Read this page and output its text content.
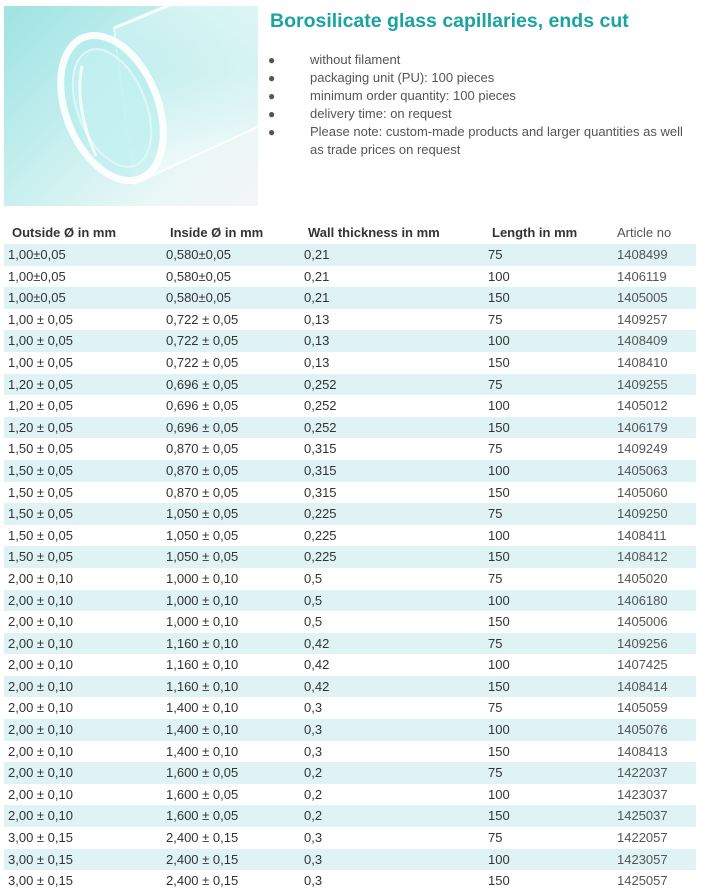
Borosilicate glass capillaries, ends cut
●	without filament
●	packaging unit (PU): 100 pieces
●	minimum order quantity: 100 pieces
●	delivery time: on request
●	Please note: custom-made products and larger quantities as well as trade prices on request
Outside Ø in mm	Inside Ø in mm	Wall thickness in mm	Length in mm	Article no
1,00±0,05	0,580±0,05	0,21	75	1408499
1,00±0,05	0,580±0,05	0,21	100	1406119
1,00±0,05	0,580±0,05	0,21	150	1405005
1,00 ± 0,05	0,722 ± 0,05	0,13	75	1409257
1,00 ± 0,05	0,722 ± 0,05	0,13	100	1408409
1,00 ± 0,05	0,722 ± 0,05	0,13	150	1408410
1,20 ± 0,05	0,696 ± 0,05	0,252	75	1409255
1,20 ± 0,05	0,696 ± 0,05	0,252	100	1405012
1,20 ± 0,05	0,696 ± 0,05	0,252	150	1406179
1,50 ± 0,05	0,870 ± 0,05	0,315	75	1409249
1,50 ± 0,05	0,870 ± 0,05	0,315	100	1405063
1,50 ± 0,05	0,870 ± 0,05	0,315	150	1405060
1,50 ± 0,05	1,050 ± 0,05	0,225	75	1409250
1,50 ± 0,05	1,050 ± 0,05	0,225	100	1408411
1,50 ± 0,05	1,050 ± 0,05	0,225	150	1408412
2,00 ± 0,10	1,000 ± 0,10	0,5	75	1405020
2,00 ± 0,10	1,000 ± 0,10	0,5	100	1406180
2,00 ± 0,10	1,000 ± 0,10	0,5	150	1405006
2,00 ± 0,10	1,160 ± 0,10	0,42	75	1409256
2,00 ± 0,10	1,160 ± 0,10	0,42	100	1407425
2,00 ± 0,10	1,160 ± 0,10	0,42	150	1408414
2,00 ± 0,10	1,400 ± 0,10	0,3	75	1405059
2,00 ± 0,10	1,400 ± 0,10	0,3	100	1405076
2,00 ± 0,10	1,400 ± 0,10	0,3	150	1408413
2,00 ± 0,10	1,600 ± 0,05	0,2	75	1422037
2,00 ± 0,10	1,600 ± 0,05	0,2	100	1423037
2,00 ± 0,10	1,600 ± 0,05	0,2	150	1425037
3,00 ± 0,15	2,400 ± 0,15	0,3	75	1422057
3,00 ± 0,15	2,400 ± 0,15	0,3	100	1423057
3,00 ± 0,15	2,400 ± 0,15	0,3	150	1425057
